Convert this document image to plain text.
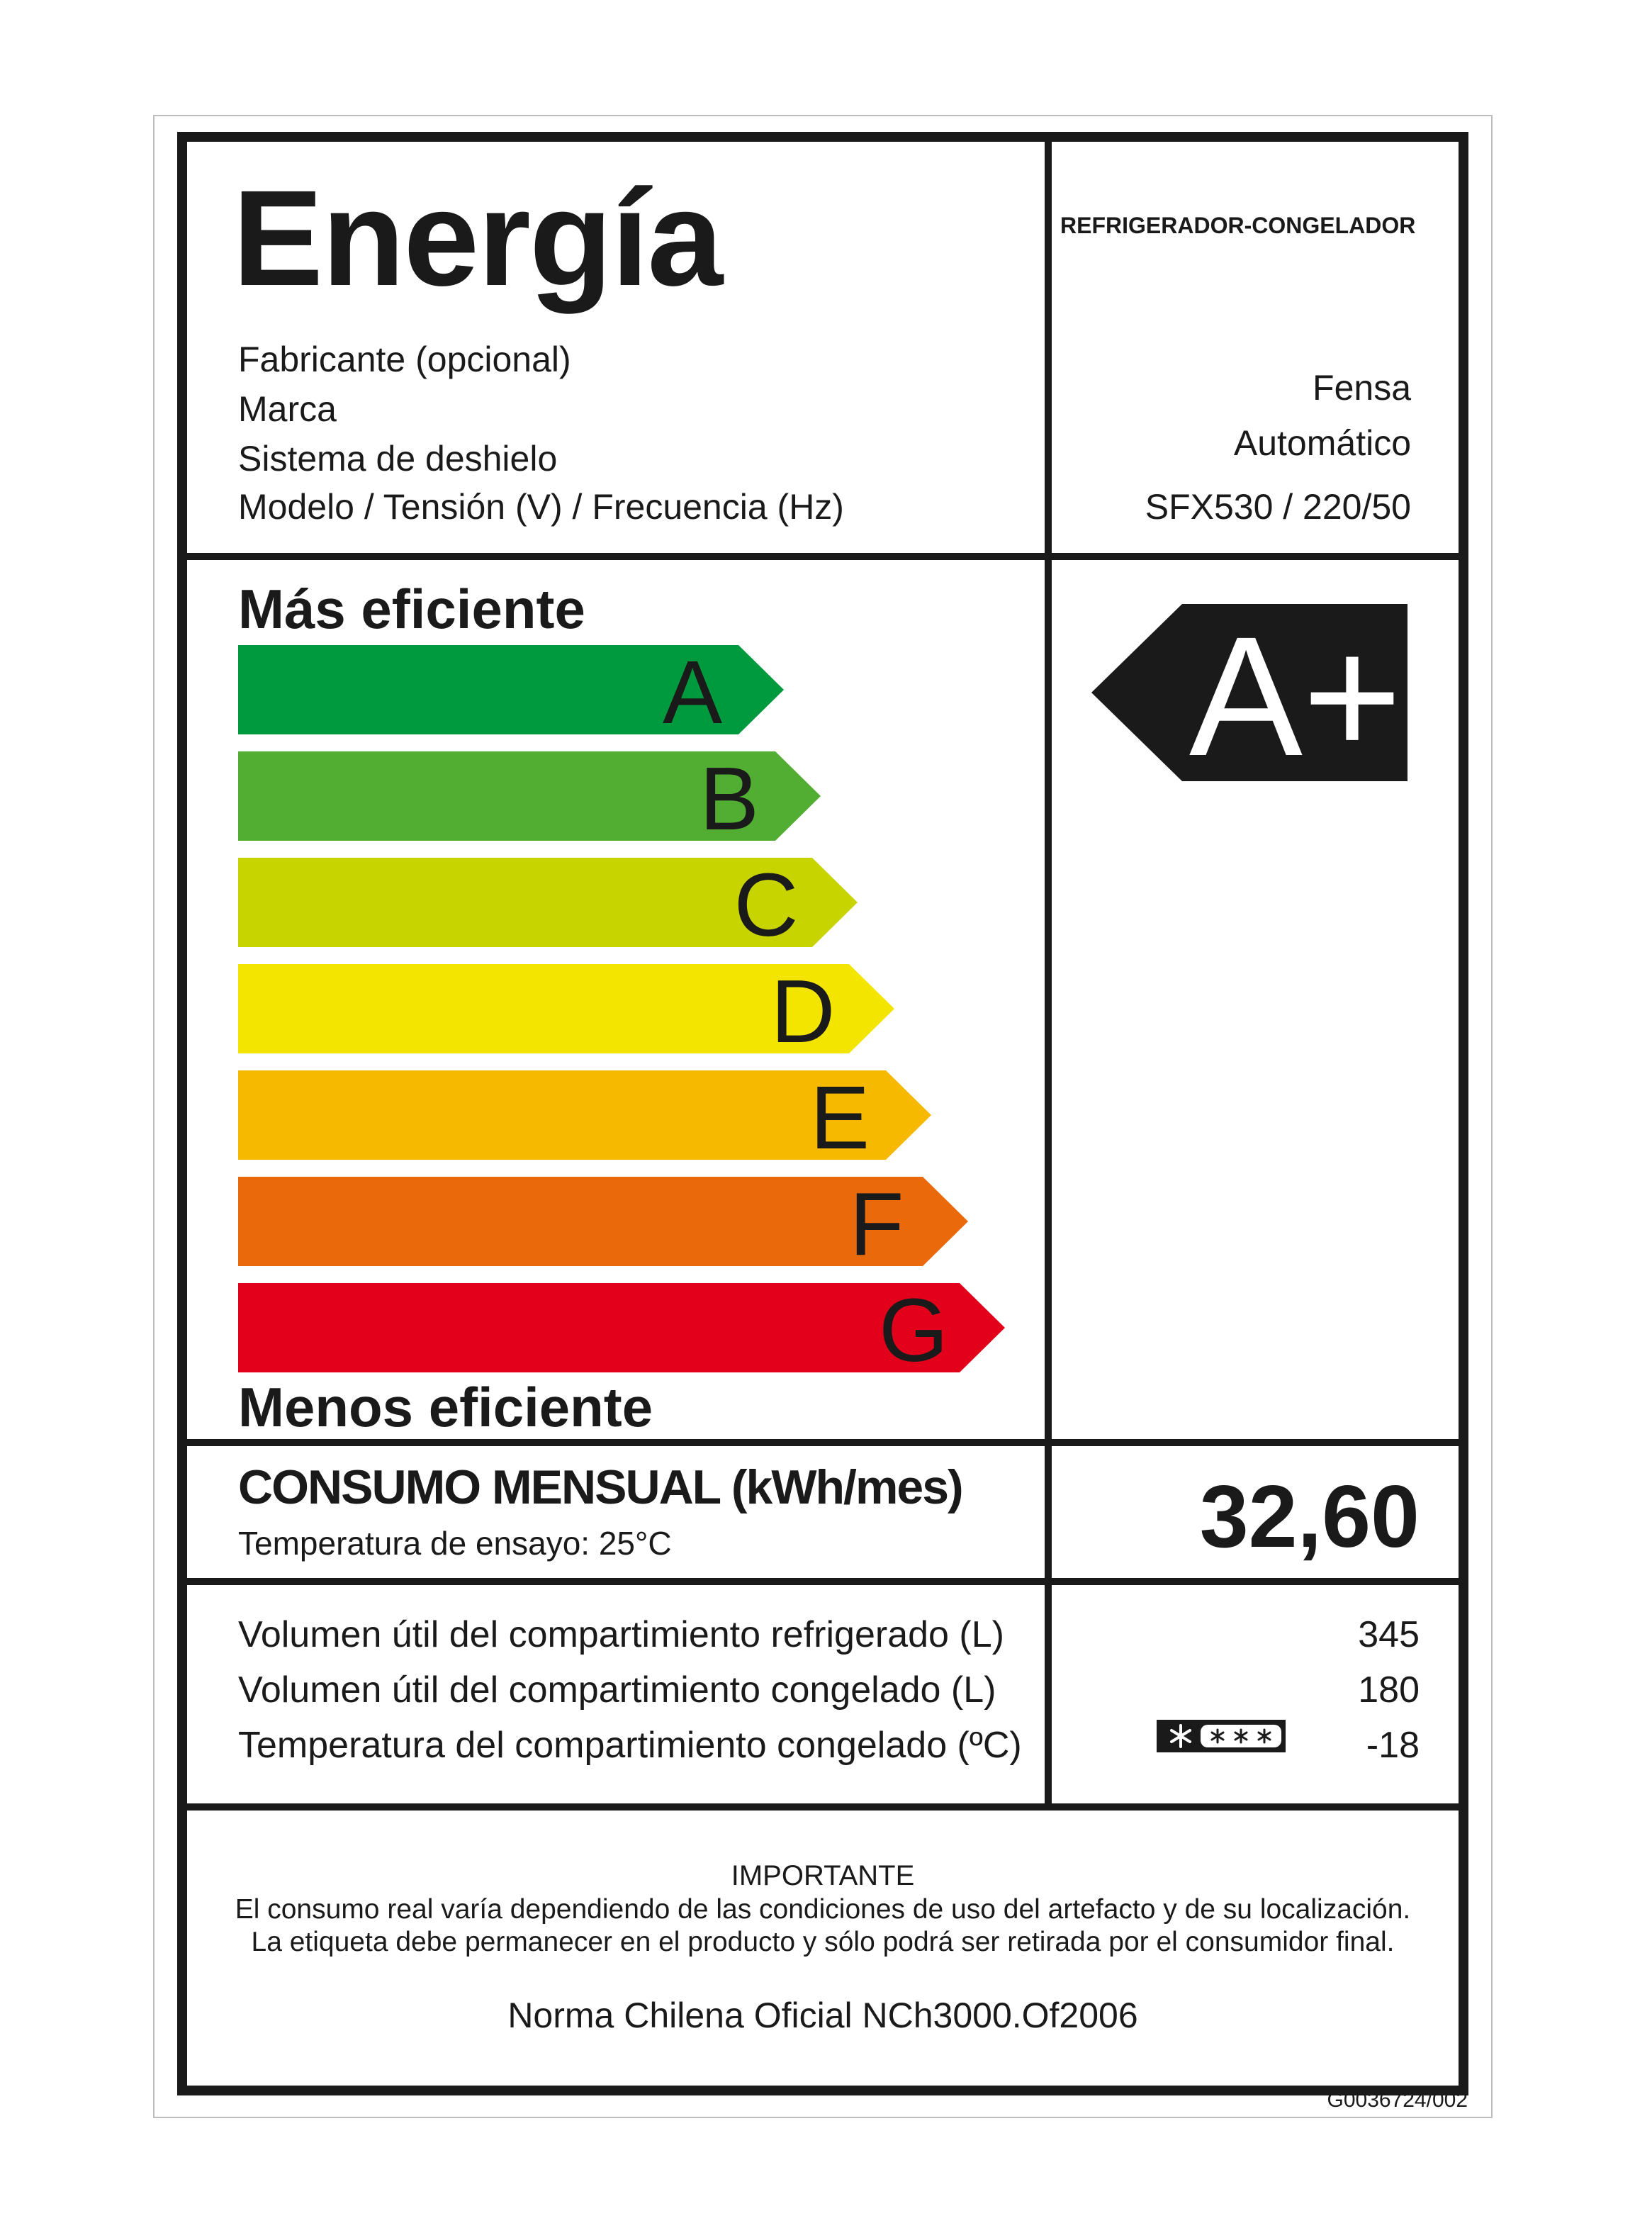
Energía	REFRIGERADOR-CONGELADOR
Fabricante (opcional)
Marca
Sistema de deshielo
Modelo / Tensión (V) / Frecuencia (Hz)
Fensa
Automático
SFX530 / 220/50
Más eficiente
A
B
C
D
E
F
G
Menos eficiente
A+
CONSUMO MENSUAL (kWh/mes)
Temperatura de ensayo: 25°C	32,60
Volumen útil del compartimiento refrigerado (L)
Volumen útil del compartimiento congelado (L)
Temperatura del compartimiento congelado (ºC)
345
180
-18
IMPORTANTE
El consumo real varía dependiendo de las condiciones de uso del artefacto y de su localización.
La etiqueta debe permanecer en el producto y sólo podrá ser retirada por el consumidor final.
Norma Chilena Oficial NCh3000.Of2006
G0036724/002
